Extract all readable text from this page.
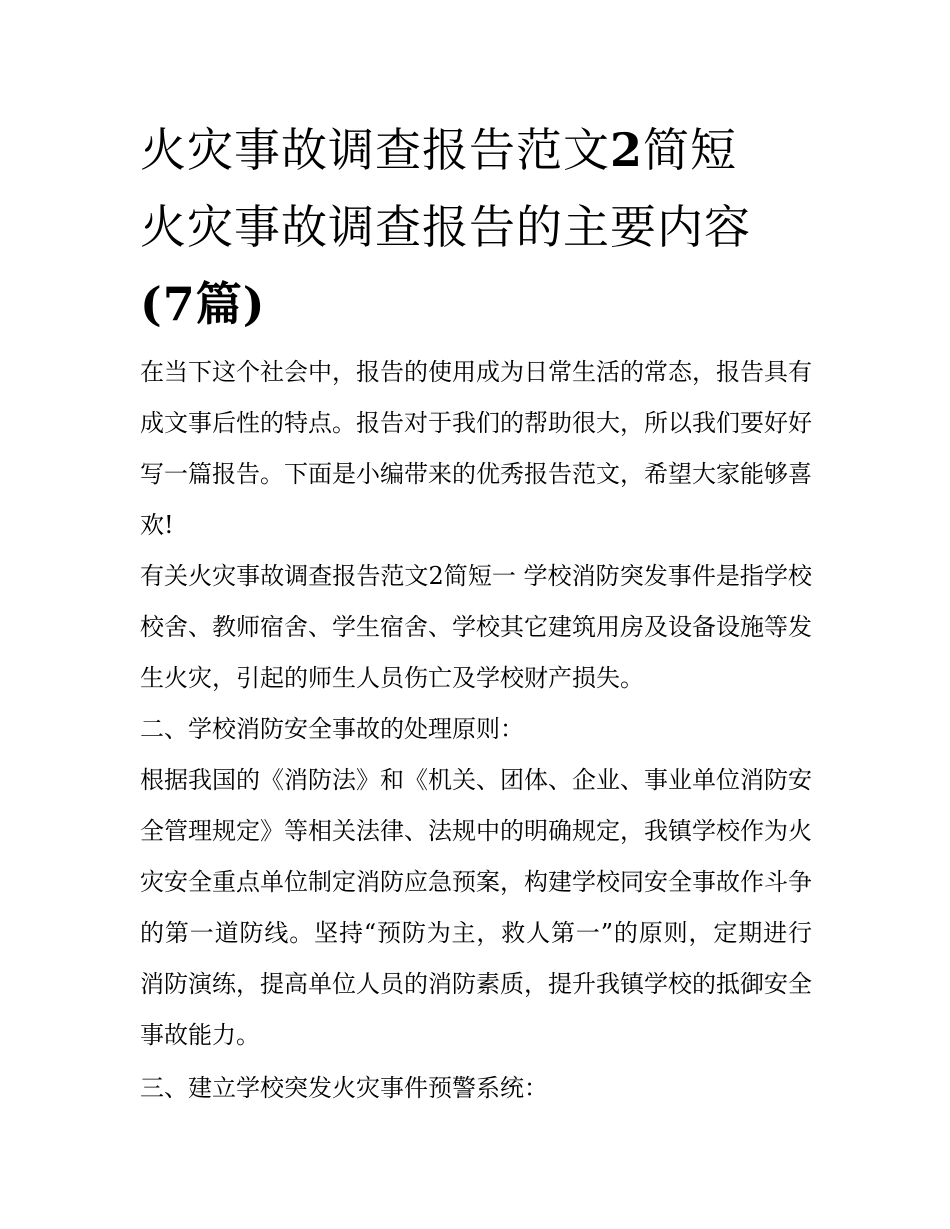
火灾事故调查报告范文2简短
火灾事故调查报告的主要内容
(7篇)

在当下这个社会中，报告的使用成为日常生活的常态，报告具有成文事后性的特点。报告对于我们的帮助很大，所以我们要好好写一篇报告。下面是小编带来的优秀报告范文，希望大家能够喜欢!

有关火灾事故调查报告范文2简短一 学校消防突发事件是指学校校舍、教师宿舍、学生宿舍、学校其它建筑用房及设备设施等发生火灾，引起的师生人员伤亡及学校财产损失。

二、学校消防安全事故的处理原则：

根据我国的《消防法》和《机关、团体、企业、事业单位消防安全管理规定》等相关法律、法规中的明确规定，我镇学校作为火灾安全重点单位制定消防应急预案，构建学校同安全事故作斗争的第一道防线。坚持“预防为主，救人第一”的原则，定期进行消防演练，提高单位人员的消防素质，提升我镇学校的抵御安全事故能力。

三、建立学校突发火灾事件预警系统：
